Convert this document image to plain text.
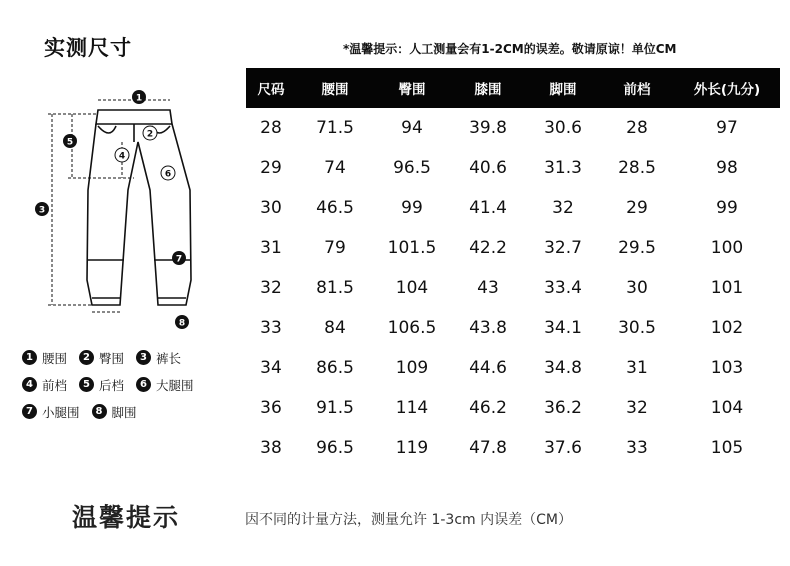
实测尺寸	*温馨提示：人工测量会有1-2CM的误差。敬请原谅！单位CM
1
2
3
4
5
6
7
8
1 腰围	2 臀围	3 裤长
4 前档	5 后档	6 大腿围
7 小腿围	8 脚围
尺码	腰围	臀围	膝围	脚围	前档	外长(九分)
28	71.5	94	39.8	30.6	28	97
29	74	96.5	40.6	31.3	28.5	98
30	46.5	99	41.4	32	29	99
31	79	101.5	42.2	32.7	29.5	100
32	81.5	104	43	33.4	30	101
33	84	106.5	43.8	34.1	30.5	102
34	86.5	109	44.6	34.8	31	103
36	91.5	114	46.2	36.2	32	104
38	96.5	119	47.8	37.6	33	105
温馨提示	因不同的计量方法，测量允许 1-3cm 内误差（CM）
